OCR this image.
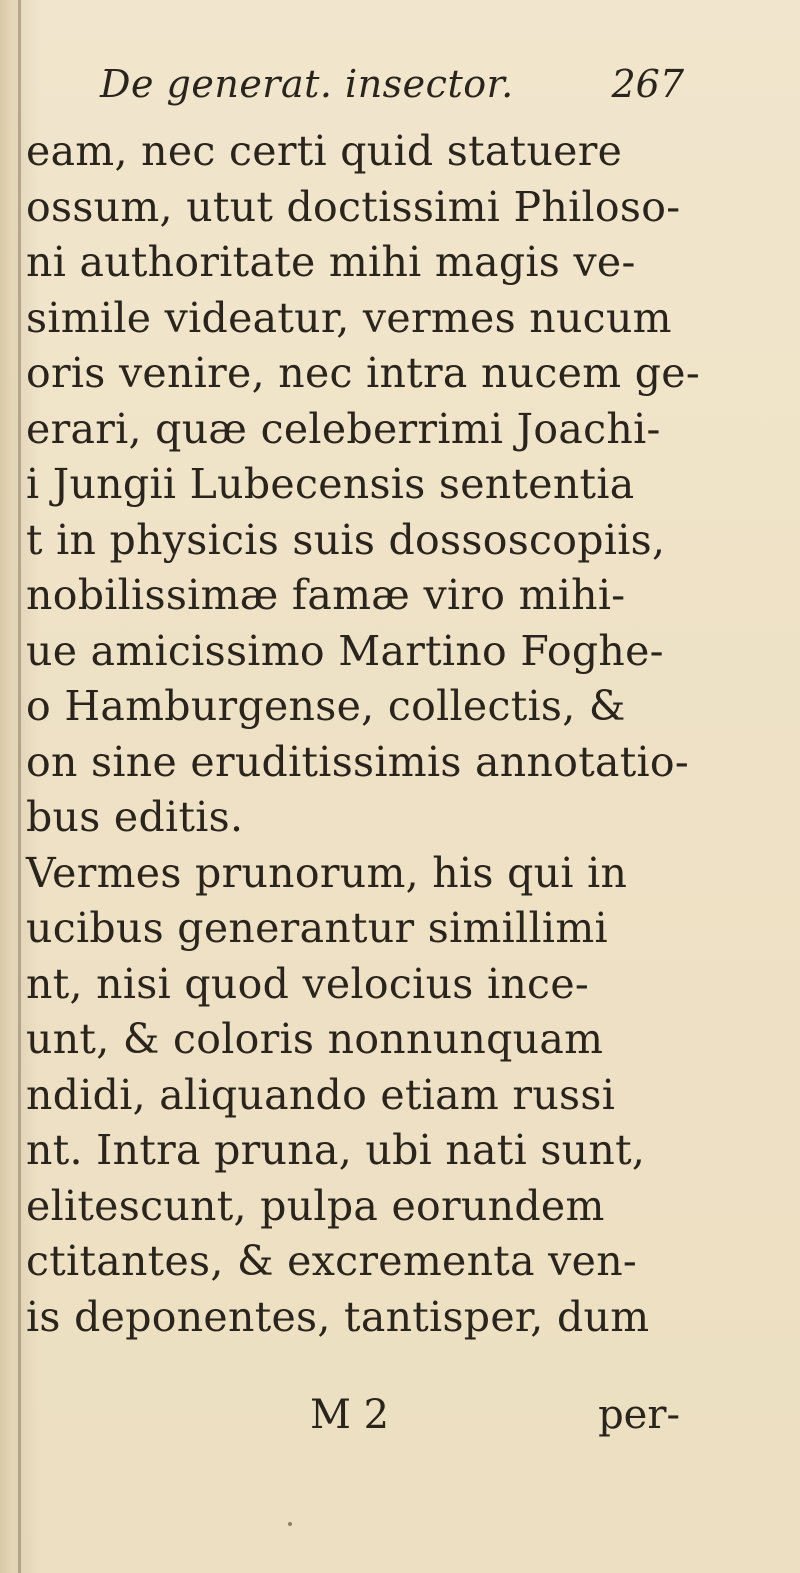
De generat. insector.	267
eam, nec certi quid statuere
ossum, utut doctissimi Philoso-
ni authoritate mihi magis ve-
simile videatur, vermes nucum
oris venire, nec intra nucem ge-
erari, quæ celeberrimi Joachi-
i Jungii Lubecensis sententia
t in physicis suis dossoscopiis,
nobilissimæ famæ viro mihi-
ue amicissimo Martino Foghe-
o Hamburgense, collectis, &
on sine eruditissimis annotatio-
bus editis.
Vermes prunorum, his qui in
ucibus generantur simillimi
nt, nisi quod velocius ince-
unt, & coloris nonnunquam
ndidi, aliquando etiam russi
nt. Intra pruna, ubi nati sunt,
elitescunt, pulpa eorundem
ctitantes, & excrementa ven-
is deponentes, tantisper, dum
M 2	per-
